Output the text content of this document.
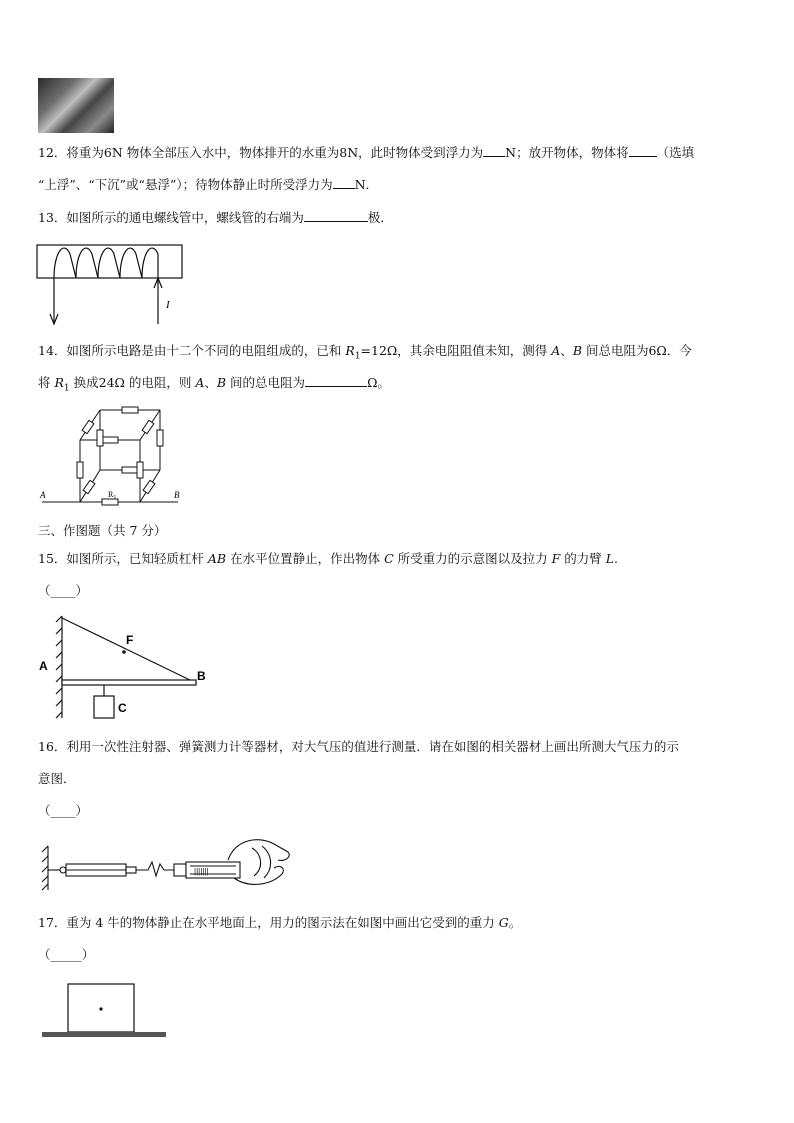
12．将重为6N 物体全部压入水中，物体排开的水重为8N，此时物体受到浮力为 N；放开物体，物体将 （选填
“上浮”、“下沉”或“悬浮”）；待物体静止时所受浮力为 N．
13．如图所示的通电螺线管中，螺线管的右端为	极．
I
14．如图所示电路是由十二个不同的电阻组成的，已和 $R_1=12\Omega$，其余电阻阻值未知，测得 A、B 间总电阻为6Ω．今
将 $R_1$ 换成24Ω 的电阻，则 A、B 间的总电阻为	Ω。
A	B
$R_1$
三、作图题（共 7 分）
15．如图所示，已知轻质杠杆 AB 在水平位置静止，作出物体 C 所受重力的示意图以及拉力 F 的力臂 L.
（____）
F
A
B
C
16．利用一次性注射器、弹簧测力计等器材，对大气压的值进行测量．请在如图的相关器材上画出所测大气压力的示
意图．
（____）
|||||||
17．重为 4 牛的物体静止在水平地面上，用力的图示法在如图中画出它受到的重力 G。
（_____）
